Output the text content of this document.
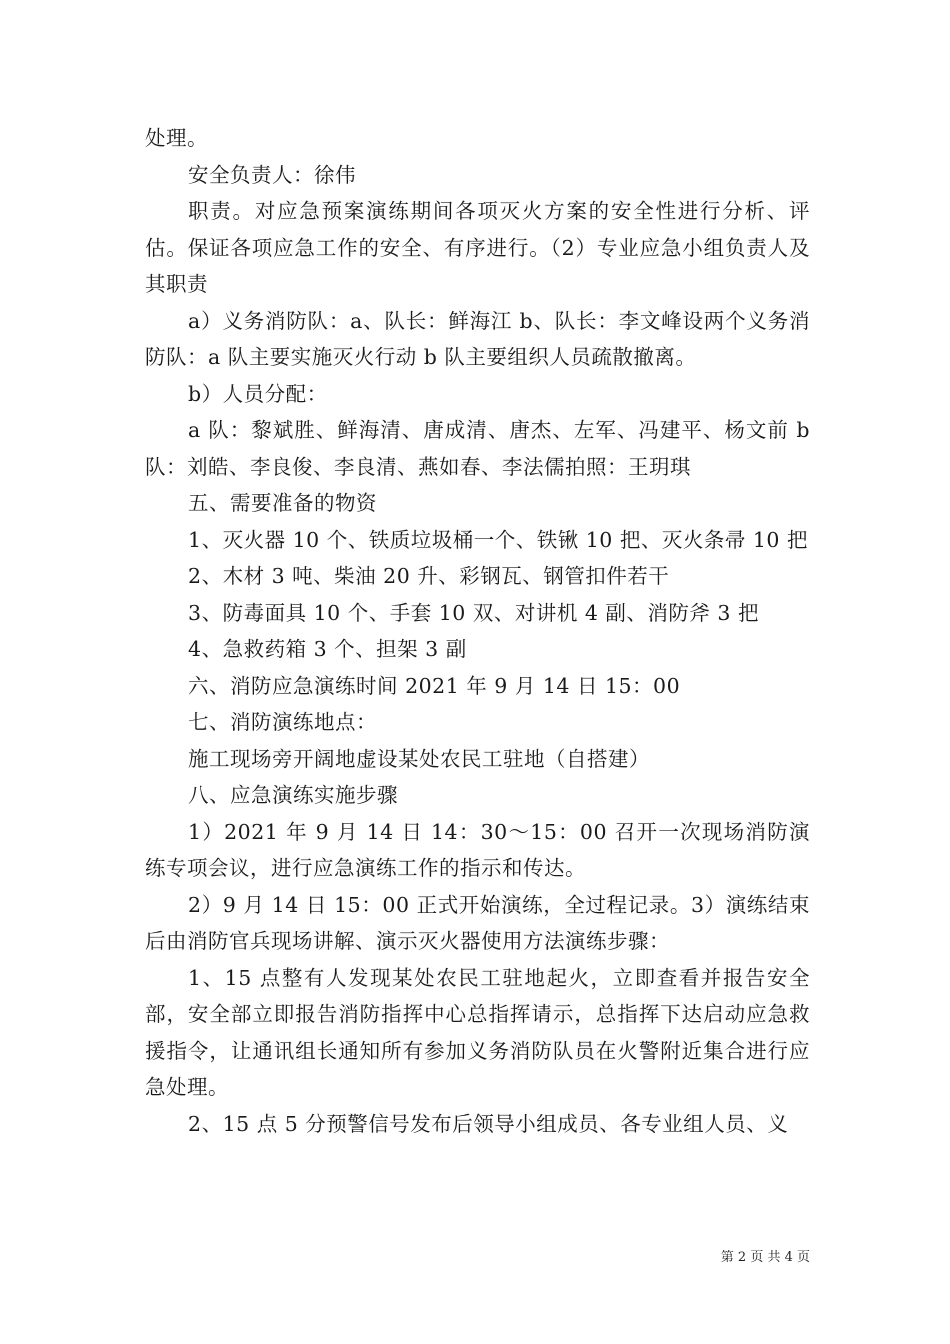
处理。

安全负责人：徐伟

职责。对应急预案演练期间各项灭火方案的安全性进行分析、评估。保证各项应急工作的安全、有序进行。（2）专业应急小组负责人及其职责

a）义务消防队：a、队长：鲜海江 b、队长：李文峰设两个义务消防队：a 队主要实施灭火行动 b 队主要组织人员疏散撤离。

b）人员分配：

a 队：黎斌胜、鲜海清、唐成清、唐杰、左军、冯建平、杨文前 b 队：刘皓、李良俊、李良清、燕如春、李法儒拍照：王玥琪

五、需要准备的物资

1、灭火器 10 个、铁质垃圾桶一个、铁锹 10 把、灭火条帚 10 把

2、木材 3 吨、柴油 20 升、彩钢瓦、钢管扣件若干

3、防毒面具 10 个、手套 10 双、对讲机 4 副、消防斧 3 把

4、急救药箱 3 个、担架 3 副

六、消防应急演练时间 2021 年 9 月 14 日 15：00

七、消防演练地点：

施工现场旁开阔地虚设某处农民工驻地（自搭建）

八、应急演练实施步骤

1）2021 年 9 月 14 日 14：30～15：00 召开一次现场消防演练专项会议，进行应急演练工作的指示和传达。

2）9 月 14 日 15：00 正式开始演练，全过程记录。3）演练结束后由消防官兵现场讲解、演示灭火器使用方法演练步骤：

1、15 点整有人发现某处农民工驻地起火，立即查看并报告安全部，安全部立即报告消防指挥中心总指挥请示，总指挥下达启动应急救援指令，让通讯组长通知所有参加义务消防队员在火警附近集合进行应急处理。

2、15 点 5 分预警信号发布后领导小组成员、各专业组人员、义

第 2 页 共 4 页
